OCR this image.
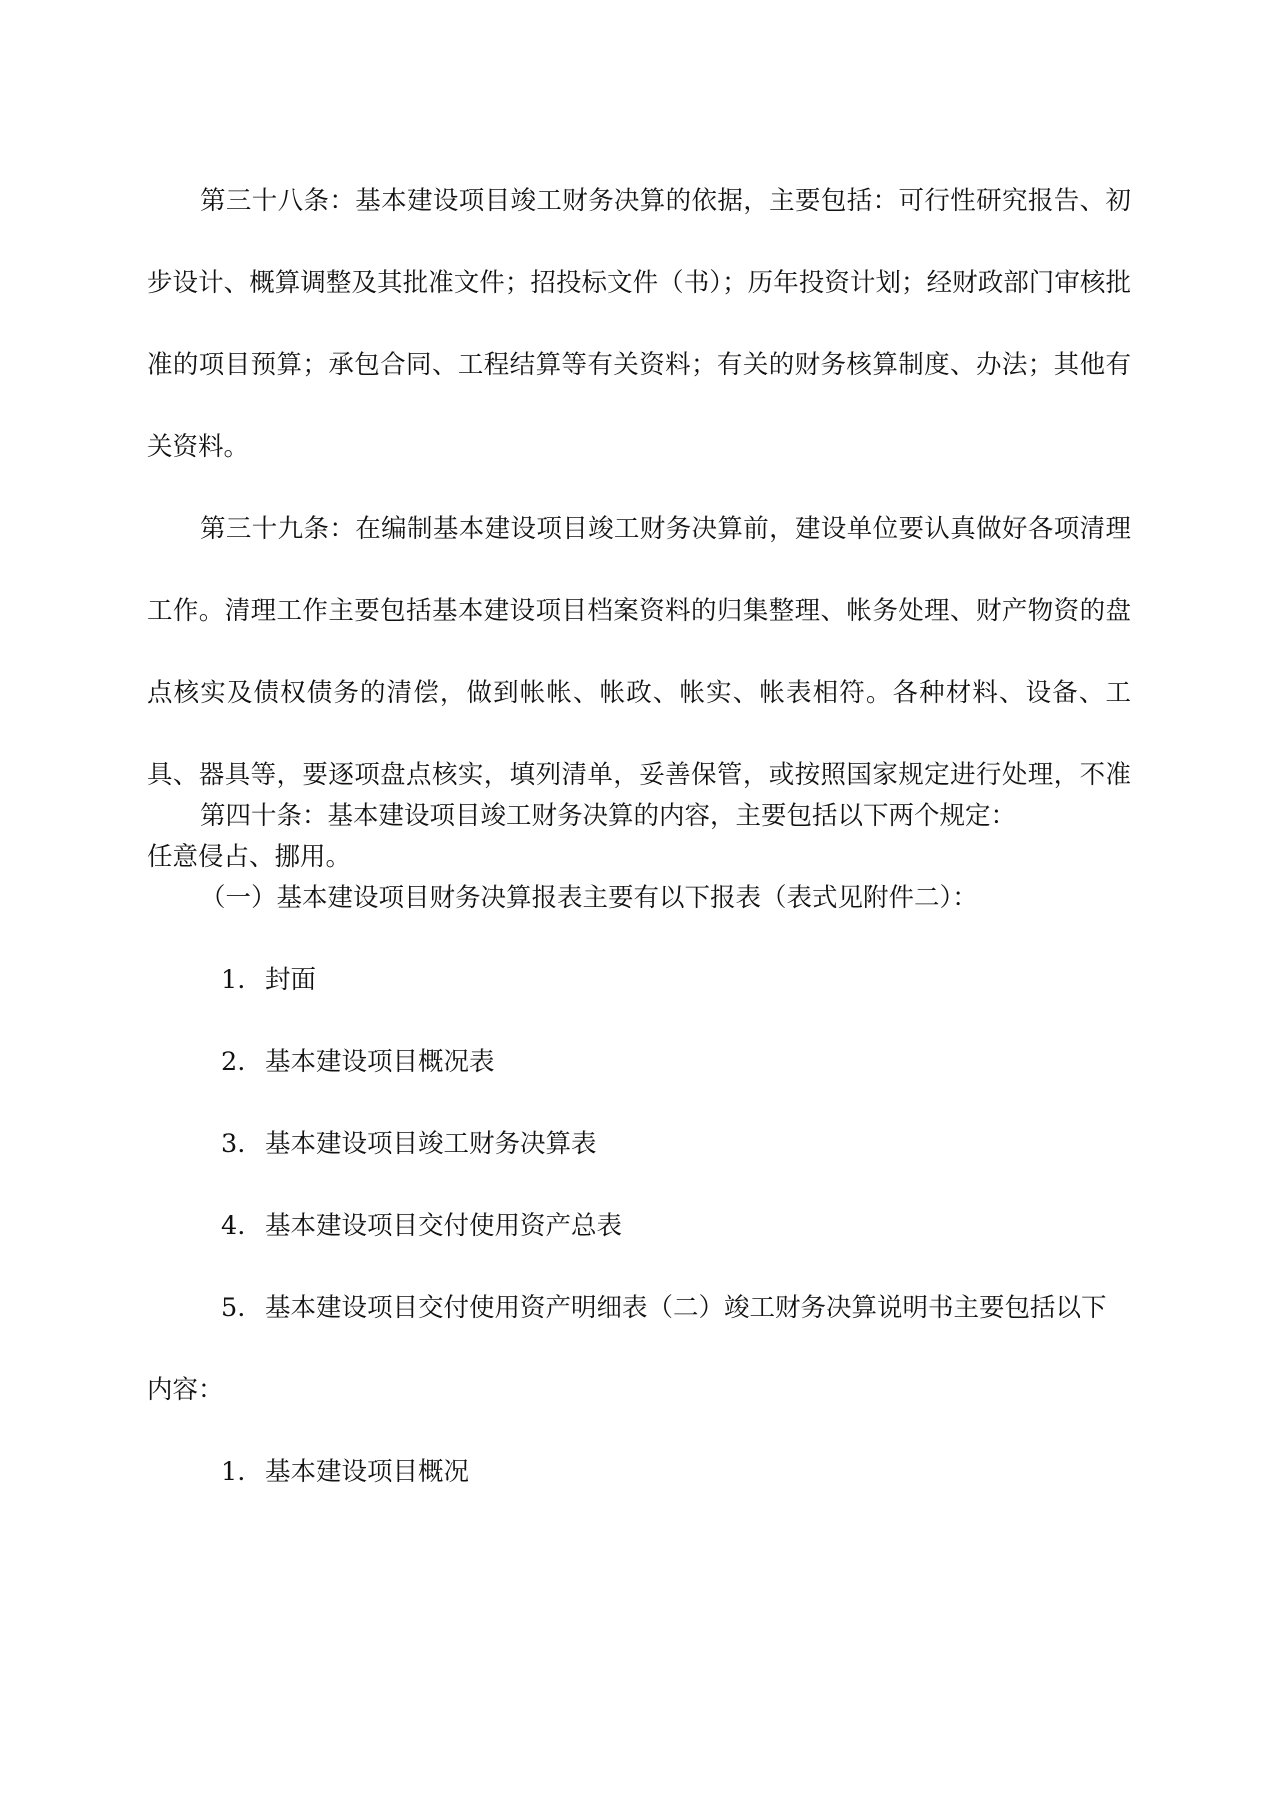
第三十八条：基本建设项目竣工财务决算的依据，主要包括：可行性研究报告、初步设计、概算调整及其批准文件；招投标文件（书）；历年投资计划；经财政部门审核批准的项目预算；承包合同、工程结算等有关资料；有关的财务核算制度、办法；其他有关资料。

第三十九条：在编制基本建设项目竣工财务决算前，建设单位要认真做好各项清理工作。清理工作主要包括基本建设项目档案资料的归集整理、帐务处理、财产物资的盘点核实及债权债务的清偿，做到帐帐、帐政、帐实、帐表相符。各种材料、设备、工具、器具等，要逐项盘点核实，填列清单，妥善保管，或按照国家规定进行处理，不准任意侵占、挪用。

第四十条：基本建设项目竣工财务决算的内容，主要包括以下两个规定：

（一）基本建设项目财务决算报表主要有以下报表（表式见附件二）：

1. 封面

2. 基本建设项目概况表

3. 基本建设项目竣工财务决算表

4. 基本建设项目交付使用资产总表

5. 基本建设项目交付使用资产明细表（二）竣工财务决算说明书主要包括以下

内容：

1. 基本建设项目概况
